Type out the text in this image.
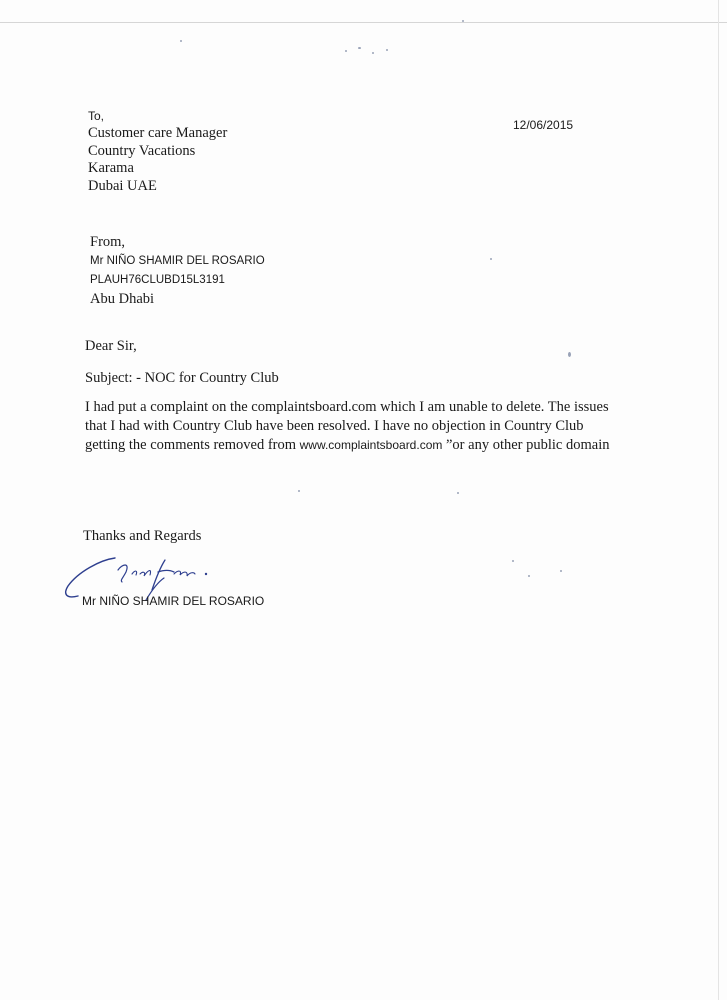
12/06/2015
To,
Customer care Manager
Country Vacations
Karama
Dubai UAE
From,
Mr NIÑO SHAMIR DEL ROSARIO
PLAUH76CLUBD15L3191
Abu Dhabi
Dear Sir,
Subject: - NOC for Country Club
I had put a complaint on the complaintsboard.com which I am unable to delete. The issues that I had with Country Club have been resolved. I have no objection in Country Club getting the comments removed from www.complaintsboard.com ”or any other public domain
Thanks and Regards
Mr NIÑO SHAMIR DEL ROSARIO
